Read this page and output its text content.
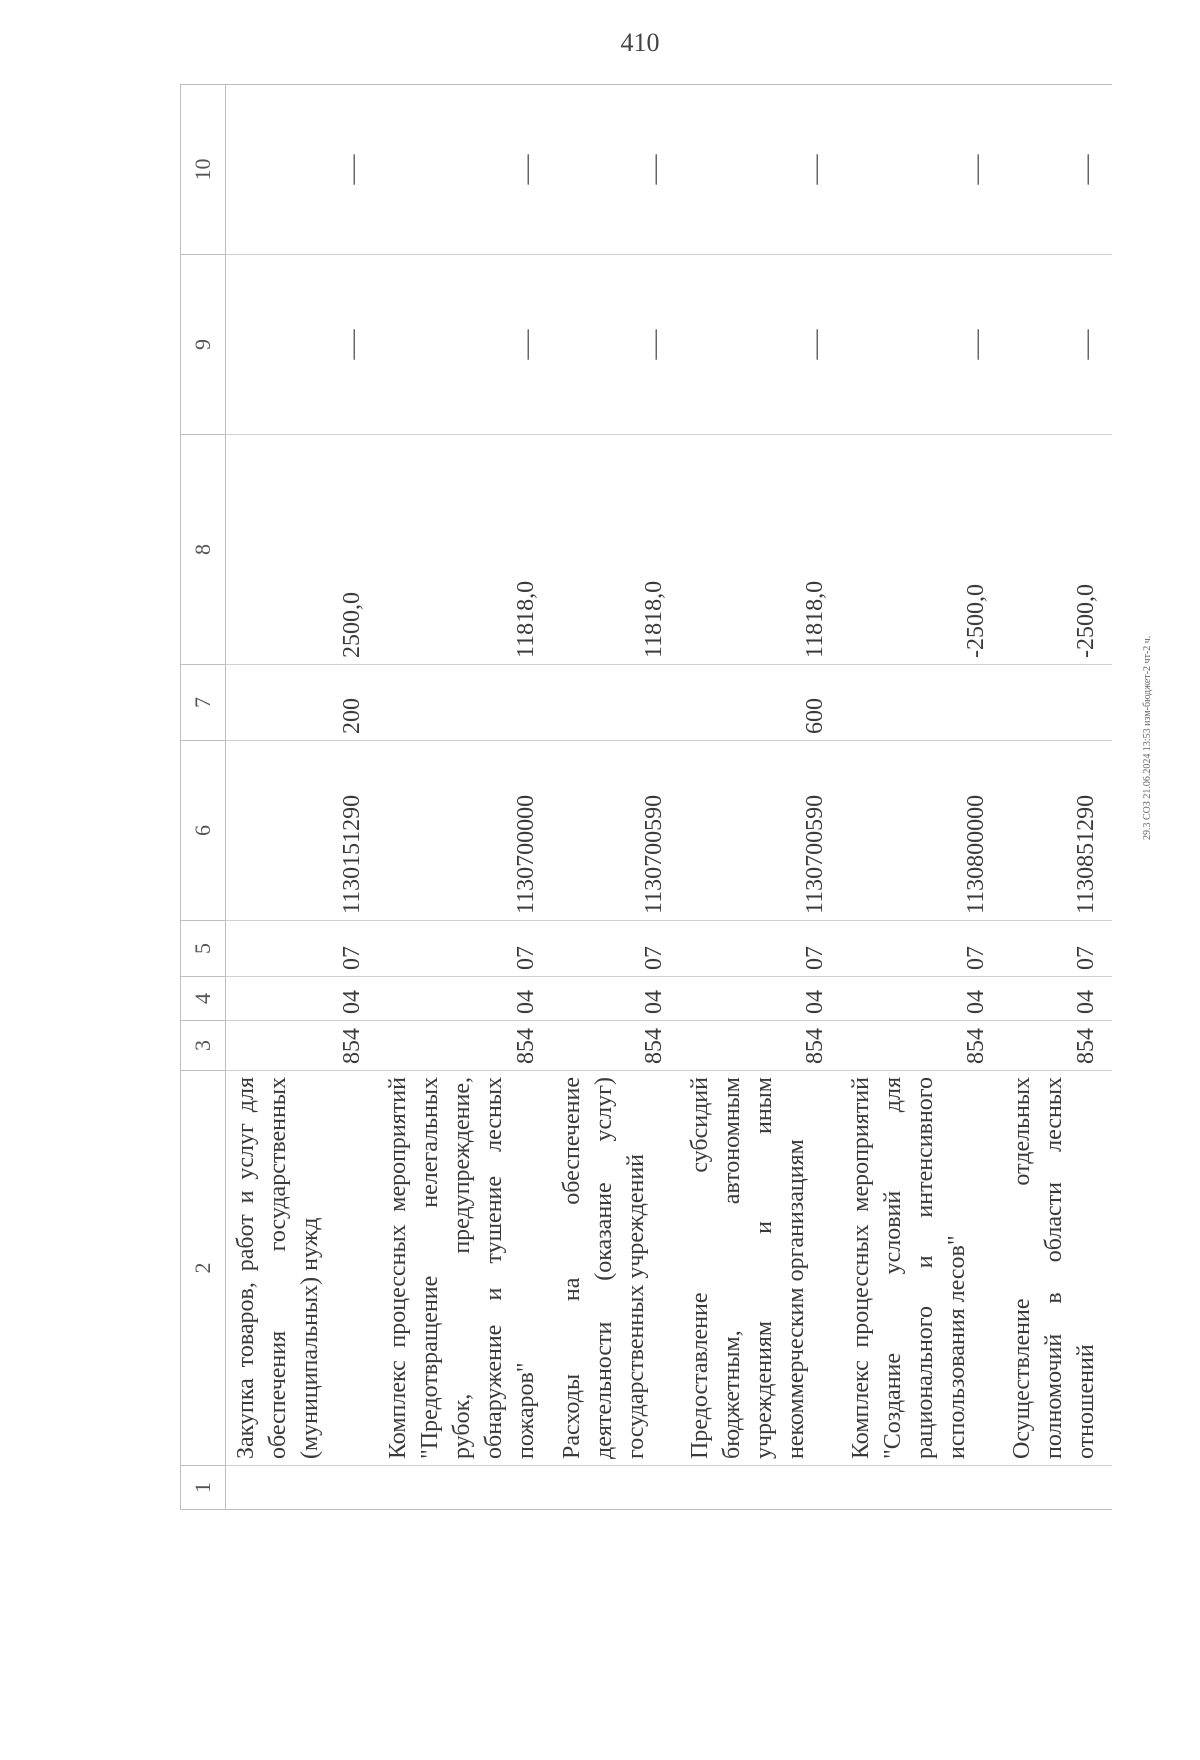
410
29.3 СОЗ 21.06.2024 13:53 изм-бюджет-2 чт-2 ч.
1	2	3	4	5	6	7	8	9	10
	Закупка товаров, работ и услуг для обеспечения государственных (муниципальных) нужд	854	04	07	1130151290	200	2500,0	—	—
	Комплекс процессных мероприятий "Предотвращение нелегальных рубок, предупреждение, обнаружение и тушение лесных пожаров"	854	04	07	1130700000		11818,0	—	—
	Расходы на обеспечение деятельности (оказание услуг) государственных учреждений	854	04	07	1130700590		11818,0	—	—
	Предоставление субсидий бюджетным, автономным учреждениям и иным некоммерческим организациям	854	04	07	1130700590	600	11818,0	—	—
	Комплекс процессных мероприятий "Создание условий для рационального и интенсивного использования лесов"	854	04	07	1130800000		-2500,0	—	—
	Осуществление отдельных полномочий в области лесных отношений	854	04	07	1130851290		-2500,0	—	—
